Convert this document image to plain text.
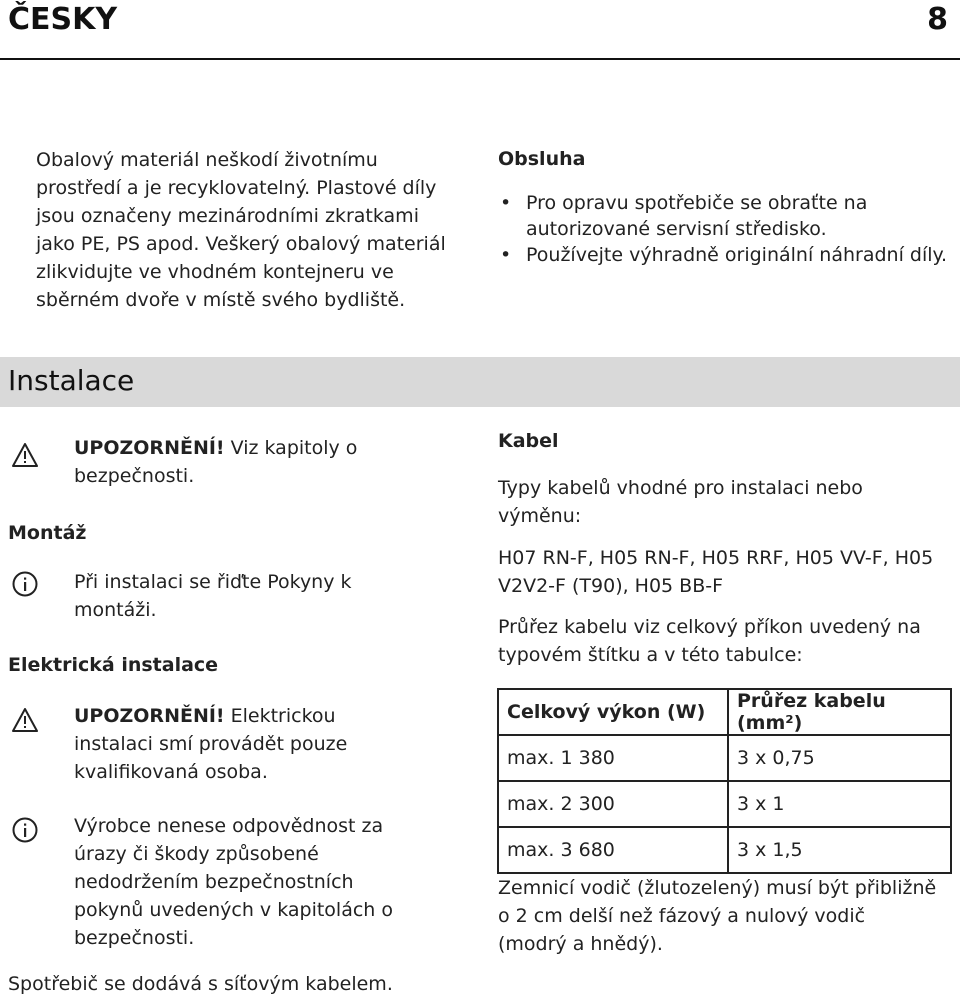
ČESKY	8
Obalový materiál neškodí životnímu prostředí a je recyklovatelný. Plastové díly jsou označeny mezinárodními zkratkami jako PE, PS apod. Veškerý obalový materiál zlikvidujte ve vhodném kontejneru ve sběrném dvoře v místě svého bydliště.
Obsluha
• Pro opravu spotřebiče se obraťte na autorizované servisní středisko.
• Používejte výhradně originální náhradní díly.
Instalace
UPOZORNĚNÍ! Viz kapitoly o bezpečnosti.
Montáž
Při instalaci se řiďte Pokyny k montáži.
Elektrická instalace
UPOZORNĚNÍ! Elektrickou instalaci smí provádět pouze kvalifikovaná osoba.
Výrobce nenese odpovědnost za úrazy či škody způsobené nedodržením bezpečnostních pokynů uvedených v kapitolách o bezpečnosti.
Spotřebič se dodává s síťovým kabelem.
Kabel
Typy kabelů vhodné pro instalaci nebo výměnu:
H07 RN-F, H05 RN-F, H05 RRF, H05 VV-F, H05 V2V2-F (T90), H05 BB-F
Průřez kabelu viz celkový příkon uvedený na typovém štítku a v této tabulce:
Celkový výkon (W)	Průřez kabelu (mm²)
max. 1 380	3 x 0,75
max. 2 300	3 x 1
max. 3 680	3 x 1,5
Zemnicí vodič (žlutozelený) musí být přibližně o 2 cm delší než fázový a nulový vodič (modrý a hnědý).
